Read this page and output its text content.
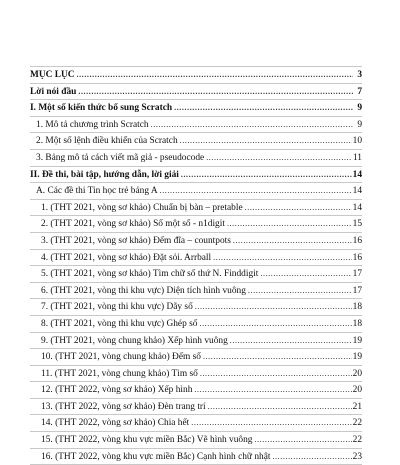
MỤC LỤC .....	3
Lời nói đầu .....	7
I. Một số kiến thức bổ sung Scratch .....	9
1. Mô tả chương trình Scratch .....	9
2. Một số lệnh điều khiển của Scratch .....	10
3. Bảng mô tả cách viết mã giả - pseudocode .....	11
II. Đề thi, bài tập, hướng dẫn, lời giải .....	14
A. Các đề thi Tin học trẻ bảng A .....	14
1. (THT 2021, vòng sơ khảo) Chuẩn bị bàn – pretable .....	14
2. (THT 2021, vòng sơ khảo) Số một số - n1digit .....	15
3. (THT 2021, vòng sơ khảo) Đếm đĩa – countpots .....	16
4. (THT 2021, vòng sơ khảo) Đặt sỏi. Arrball .....	16
5. (THT 2021, vòng sơ khảo) Tìm chữ số thứ N. Finddigit .....	17
6. (THT 2021, vòng thi khu vực) Diện tích hình vuông .....	17
7. (THT 2021, vòng thi khu vực) Dãy số .....	18
8. (THT 2021, vòng thi khu vực) Ghép số .....	18
9. (THT 2021, vòng chung khảo) Xếp hình vuông .....	19
10. (THT 2021, vòng chung khảo) Đếm số .....	19
11. (THT 2021, vòng chung khảo) Tìm số .....	20
12. (THT 2022, vòng sơ khảo) Xếp hình .....	20
13. (THT 2022, vòng sơ khảo) Đèn trang trí .....	21
14. (THT 2022, vòng sơ khảo) Chia hết .....	22
15. (THT 2022, vòng khu vực miền Bắc) Vẽ hình vuông .....	22
16. (THT 2022, vòng khu vực miền Bắc) Cạnh hình chữ nhật .....	23
